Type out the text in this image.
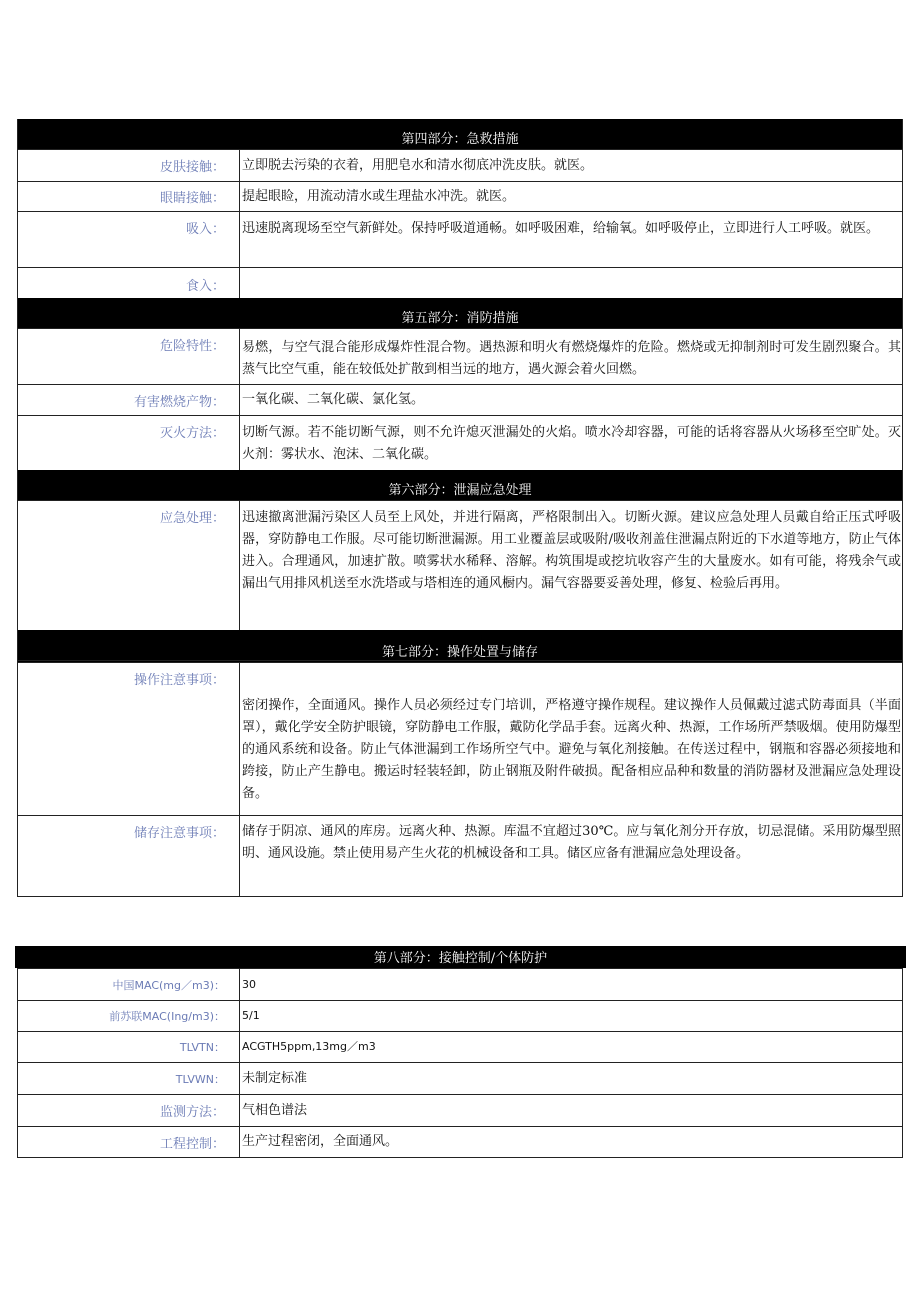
第四部分：急救措施
皮肤接触：	立即脱去污染的衣着，用肥皂水和清水彻底冲洗皮肤。就医。
眼睛接触：	提起眼睑，用流动清水或生理盐水冲洗。就医。
吸入：	迅速脱离现场至空气新鲜处。保持呼吸道通畅。如呼吸困难，给输氧。如呼吸停止，立即进行人工呼吸。就医。
食入：
第五部分：消防措施
危险特性：	易燃，与空气混合能形成爆炸性混合物。遇热源和明火有燃烧爆炸的危险。燃烧或无抑制剂时可发生剧烈聚合。其蒸气比空气重，能在较低处扩散到相当远的地方，遇火源会着火回燃。
有害燃烧产物：	一氧化碳、二氧化碳、氯化氢。
灭火方法：	切断气源。若不能切断气源，则不允许熄灭泄漏处的火焰。喷水冷却容器，可能的话将容器从火场移至空旷处。灭火剂：雾状水、泡沫、二氧化碳。
第六部分：泄漏应急处理
应急处理：	迅速撤离泄漏污染区人员至上风处，并进行隔离，严格限制出入。切断火源。建议应急处理人员戴自给正压式呼吸器，穿防静电工作服。尽可能切断泄漏源。用工业覆盖层或吸附/吸收剂盖住泄漏点附近的下水道等地方，防止气体进入。合理通风，加速扩散。喷雾状水稀释、溶解。构筑围堤或挖坑收容产生的大量废水。如有可能，将残余气或漏出气用排风机送至水洗塔或与塔相连的通风橱内。漏气容器要妥善处理，修复、检验后再用。
第七部分：操作处置与储存
操作注意事项：
密闭操作，全面通风。操作人员必须经过专门培训，严格遵守操作规程。建议操作人员佩戴过滤式防毒面具（半面罩），戴化学安全防护眼镜，穿防静电工作服，戴防化学品手套。远离火种、热源，工作场所严禁吸烟。使用防爆型的通风系统和设备。防止气体泄漏到工作场所空气中。避免与氧化剂接触。在传送过程中，钢瓶和容器必须接地和跨接，防止产生静电。搬运时轻装轻卸，防止钢瓶及附件破损。配备相应品种和数量的消防器材及泄漏应急处理设备。
储存注意事项：	储存于阴凉、通风的库房。远离火种、热源。库温不宜超过30℃。应与氧化剂分开存放，切忌混储。采用防爆型照明、通风设施。禁止使用易产生火花的机械设备和工具。储区应备有泄漏应急处理设备。
第八部分：接触控制/个体防护
中国MAC(mg／m3)：	30
前苏联MAC(Ing/m3)：	5/1
TLVTN：	ACGTH5ppm,13mg／m3
TLVWN：	未制定标准
监测方法：	气相色谱法
工程控制：	生产过程密闭，全面通风。
